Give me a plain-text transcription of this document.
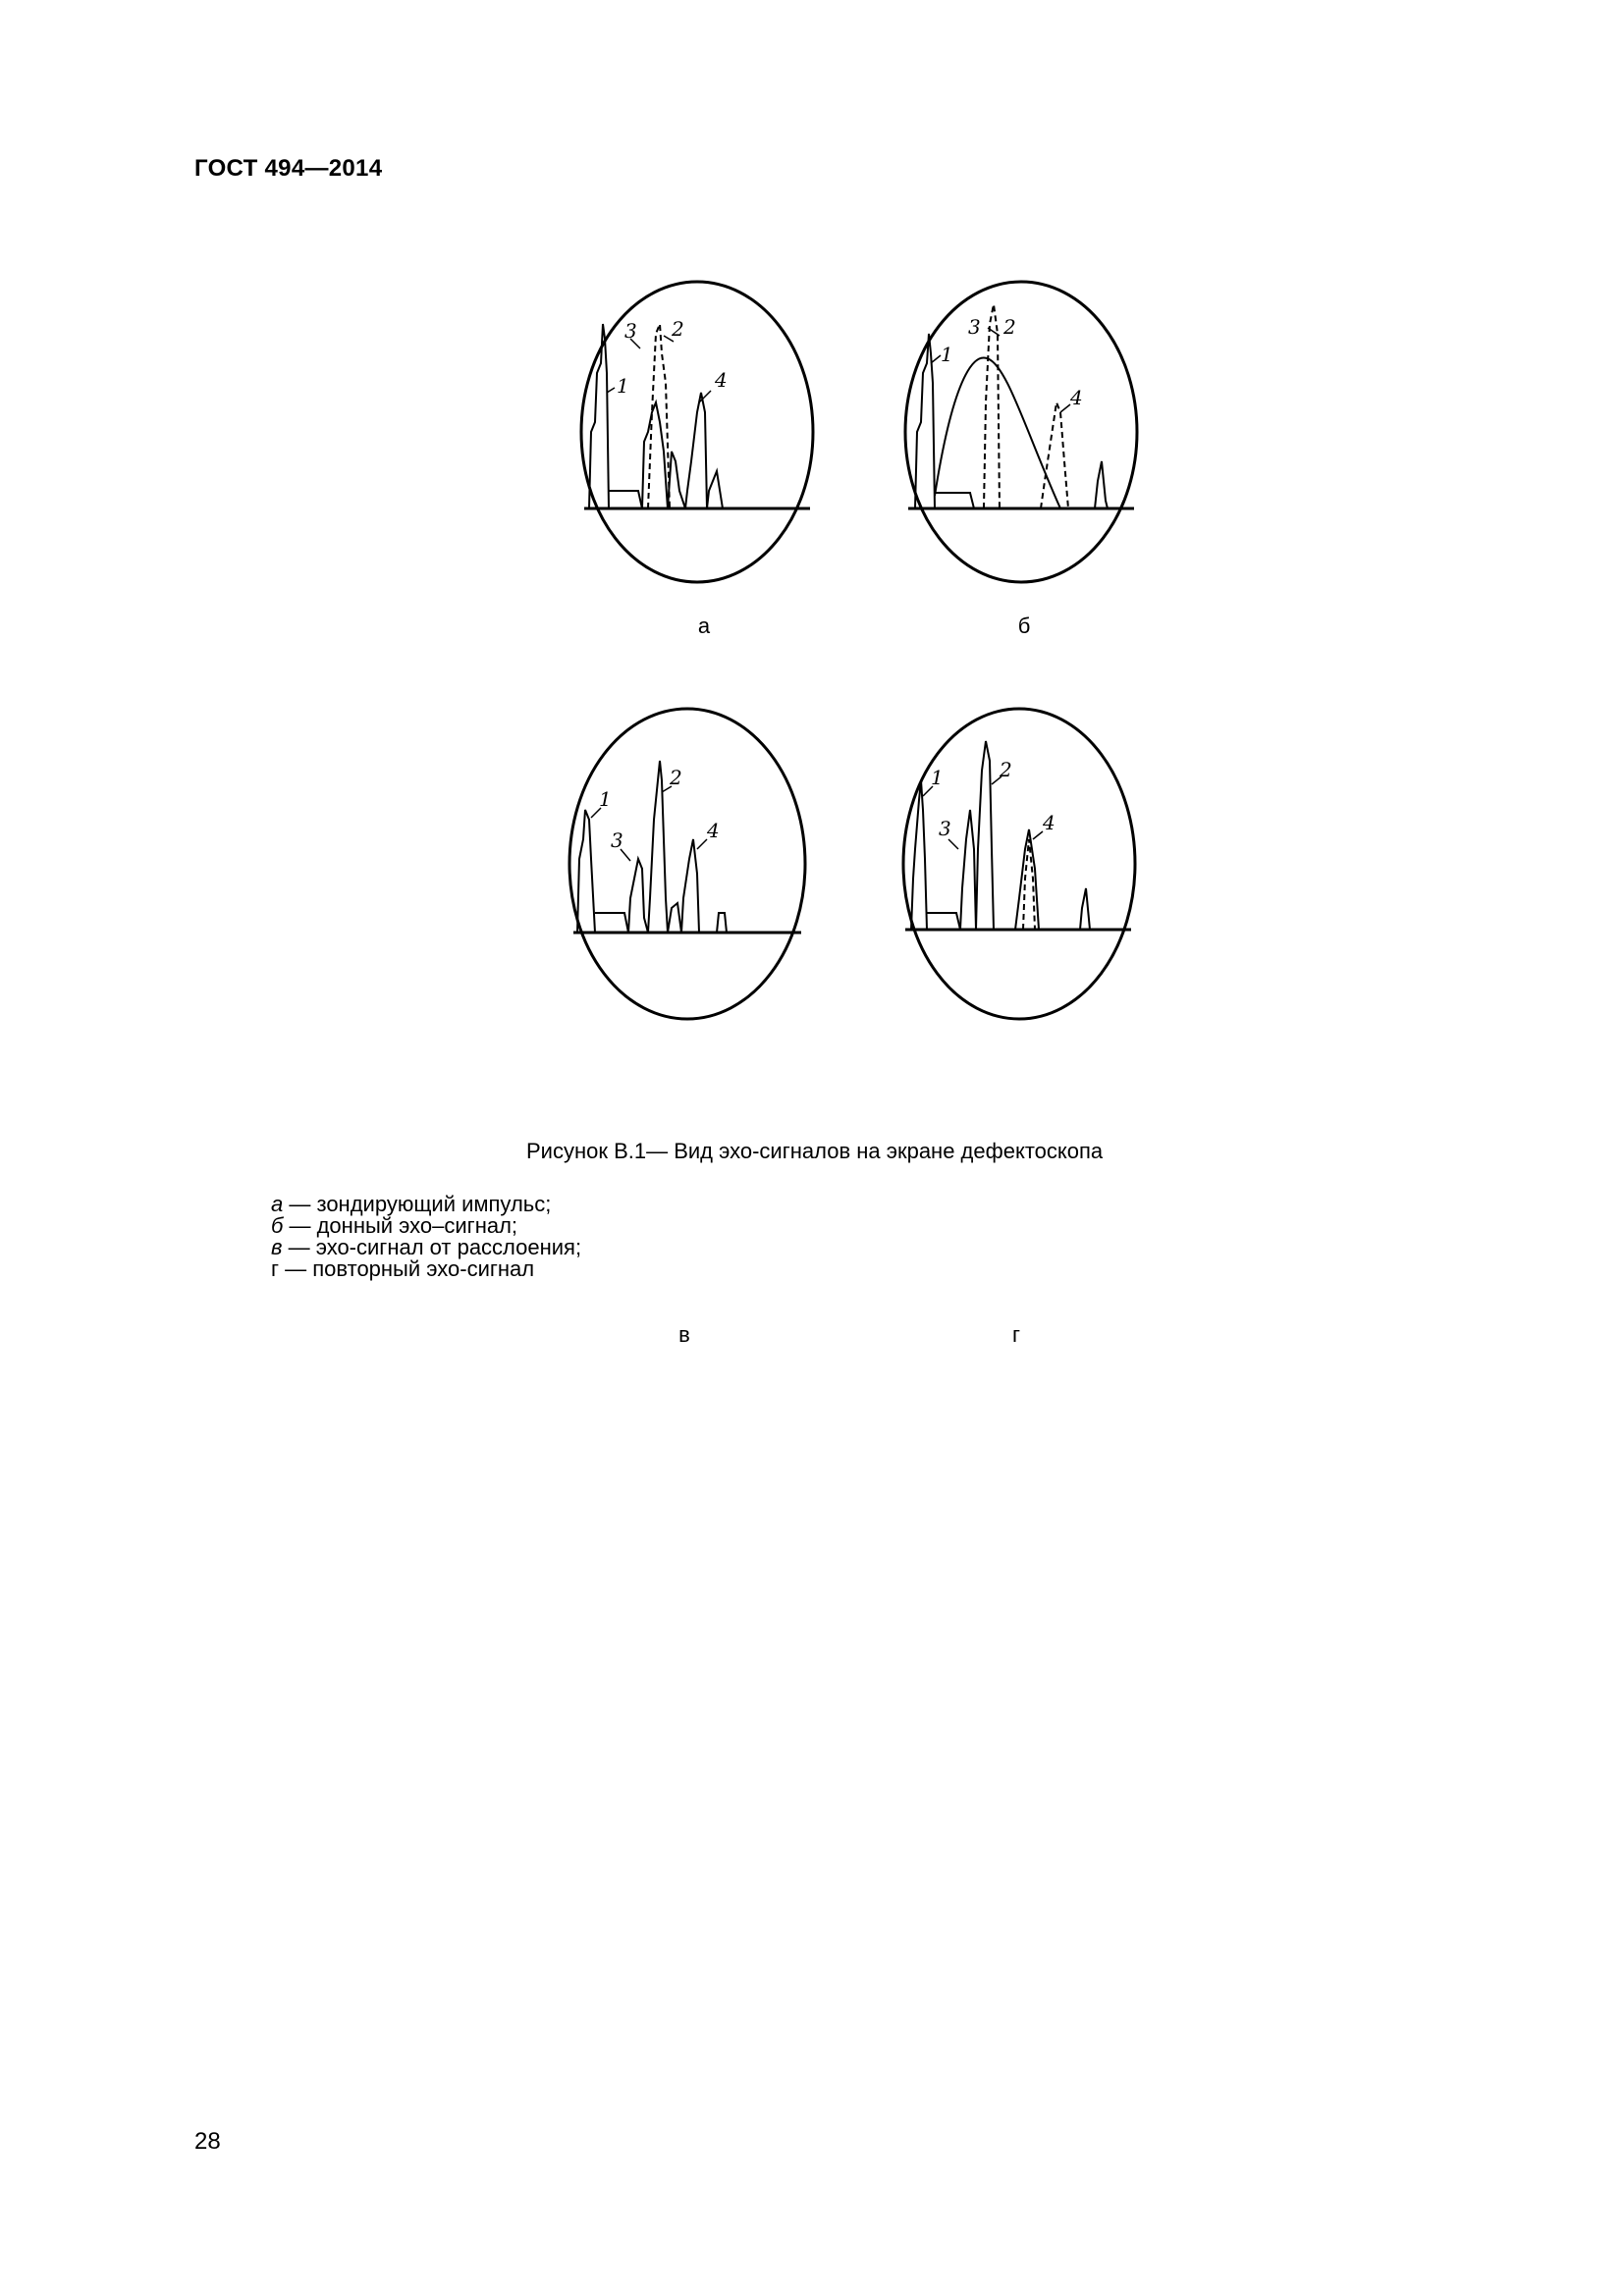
ГОСТ 494—2014
1
3 2
4
а
1
3 2
4
б
1
3
2
4
в
1
3
2
4
г
Рисунок В.1— Вид эхо-сигналов на экране дефектоскопа
а — зондирующий импульс;
б — донный эхо–сигнал;
в — эхо-сигнал от расслоения;
г — повторный эхо-сигнал
28
